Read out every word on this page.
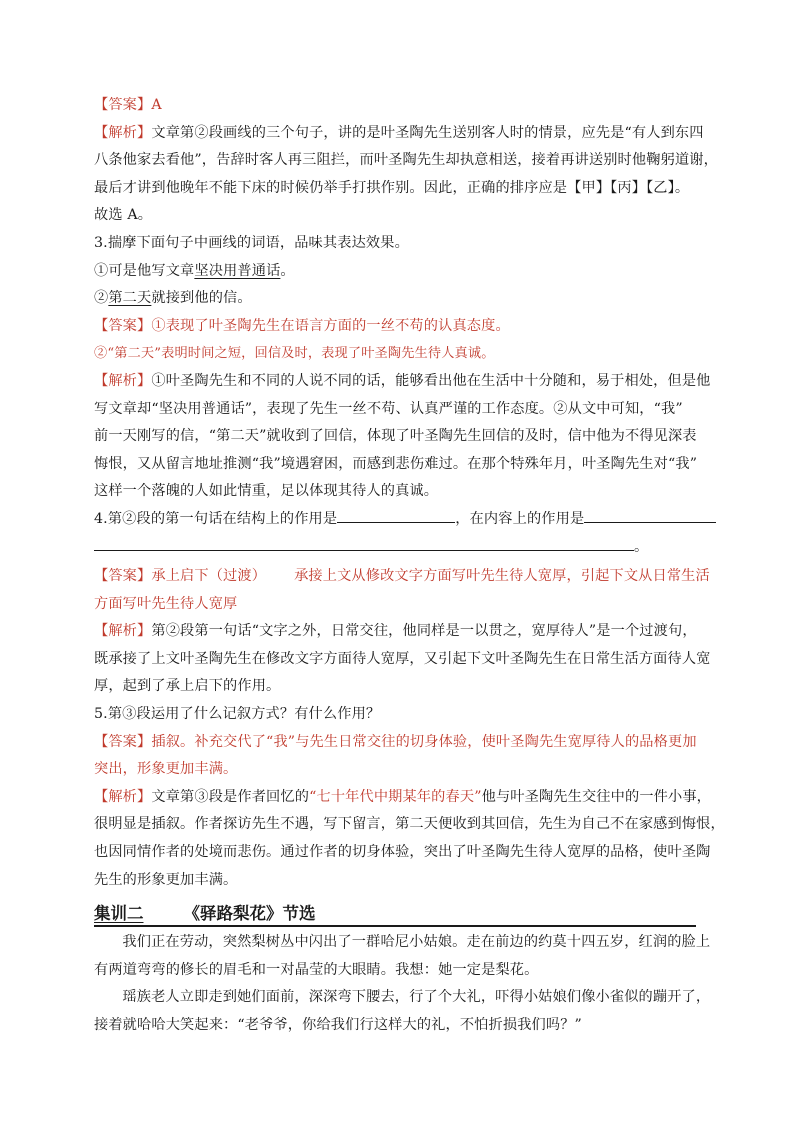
【答案】A
【解析】文章第②段画线的三个句子，讲的是叶圣陶先生送别客人时的情景，应先是“有人到东四
八条他家去看他”，告辞时客人再三阻拦，而叶圣陶先生却执意相送，接着再讲送别时他鞠躬道谢，
最后才讲到他晚年不能下床的时候仍举手打拱作别。因此，正确的排序应是【甲】【丙】【乙】。
故选 A。
3.揣摩下面句子中画线的词语，品味其表达效果。
①可是他写文章坚决用普通话。
②第二天就接到他的信。
【答案】①表现了叶圣陶先生在语言方面的一丝不苟的认真态度。
②“第二天”表明时间之短，回信及时，表现了叶圣陶先生待人真诚。
【解析】①叶圣陶先生和不同的人说不同的话，能够看出他在生活中十分随和，易于相处，但是他
写文章却“坚决用普通话”，表现了先生一丝不苟、认真严谨的工作态度。②从文中可知，“我”
前一天刚写的信，“第二天”就收到了回信，体现了叶圣陶先生回信的及时，信中他为不得见深表
悔恨，又从留言地址推测“我”境遇窘困，而感到悲伤难过。在那个特殊年月，叶圣陶先生对“我”
这样一个落魄的人如此情重，足以体现其待人的真诚。
4.第②段的第一句话在结构上的作用是	，在内容上的作用是
。
【答案】承上启下（过渡） 承接上文从修改文字方面写叶先生待人宽厚，引起下文从日常生活
方面写叶先生待人宽厚
【解析】第②段第一句话“文字之外，日常交往，他同样是一以贯之，宽厚待人”是一个过渡句，
既承接了上文叶圣陶先生在修改文字方面待人宽厚，又引起下文叶圣陶先生在日常生活方面待人宽
厚，起到了承上启下的作用。
5.第③段运用了什么记叙方式？有什么作用？
【答案】插叙。补充交代了“我”与先生日常交往的切身体验，使叶圣陶先生宽厚待人的品格更加
突出，形象更加丰满。
【解析】文章第③段是作者回忆的“七十年代中期某年的春天”他与叶圣陶先生交往中的一件小事，
很明显是插叙。作者探访先生不遇，写下留言，第二天便收到其回信，先生为自己不在家感到悔恨，
也因同情作者的处境而悲伤。通过作者的切身体验，突出了叶圣陶先生待人宽厚的品格，使叶圣陶
先生的形象更加丰满。
集训二 《驿路梨花》节选
我们正在劳动，突然梨树丛中闪出了一群哈尼小姑娘。走在前边的约莫十四五岁，红润的脸上
有两道弯弯的修长的眉毛和一对晶莹的大眼睛。我想：她一定是梨花。
瑶族老人立即走到她们面前，深深弯下腰去，行了个大礼，吓得小姑娘们像小雀似的蹦开了，
接着就哈哈大笑起来：“老爷爷，你给我们行这样大的礼，不怕折损我们吗？”
